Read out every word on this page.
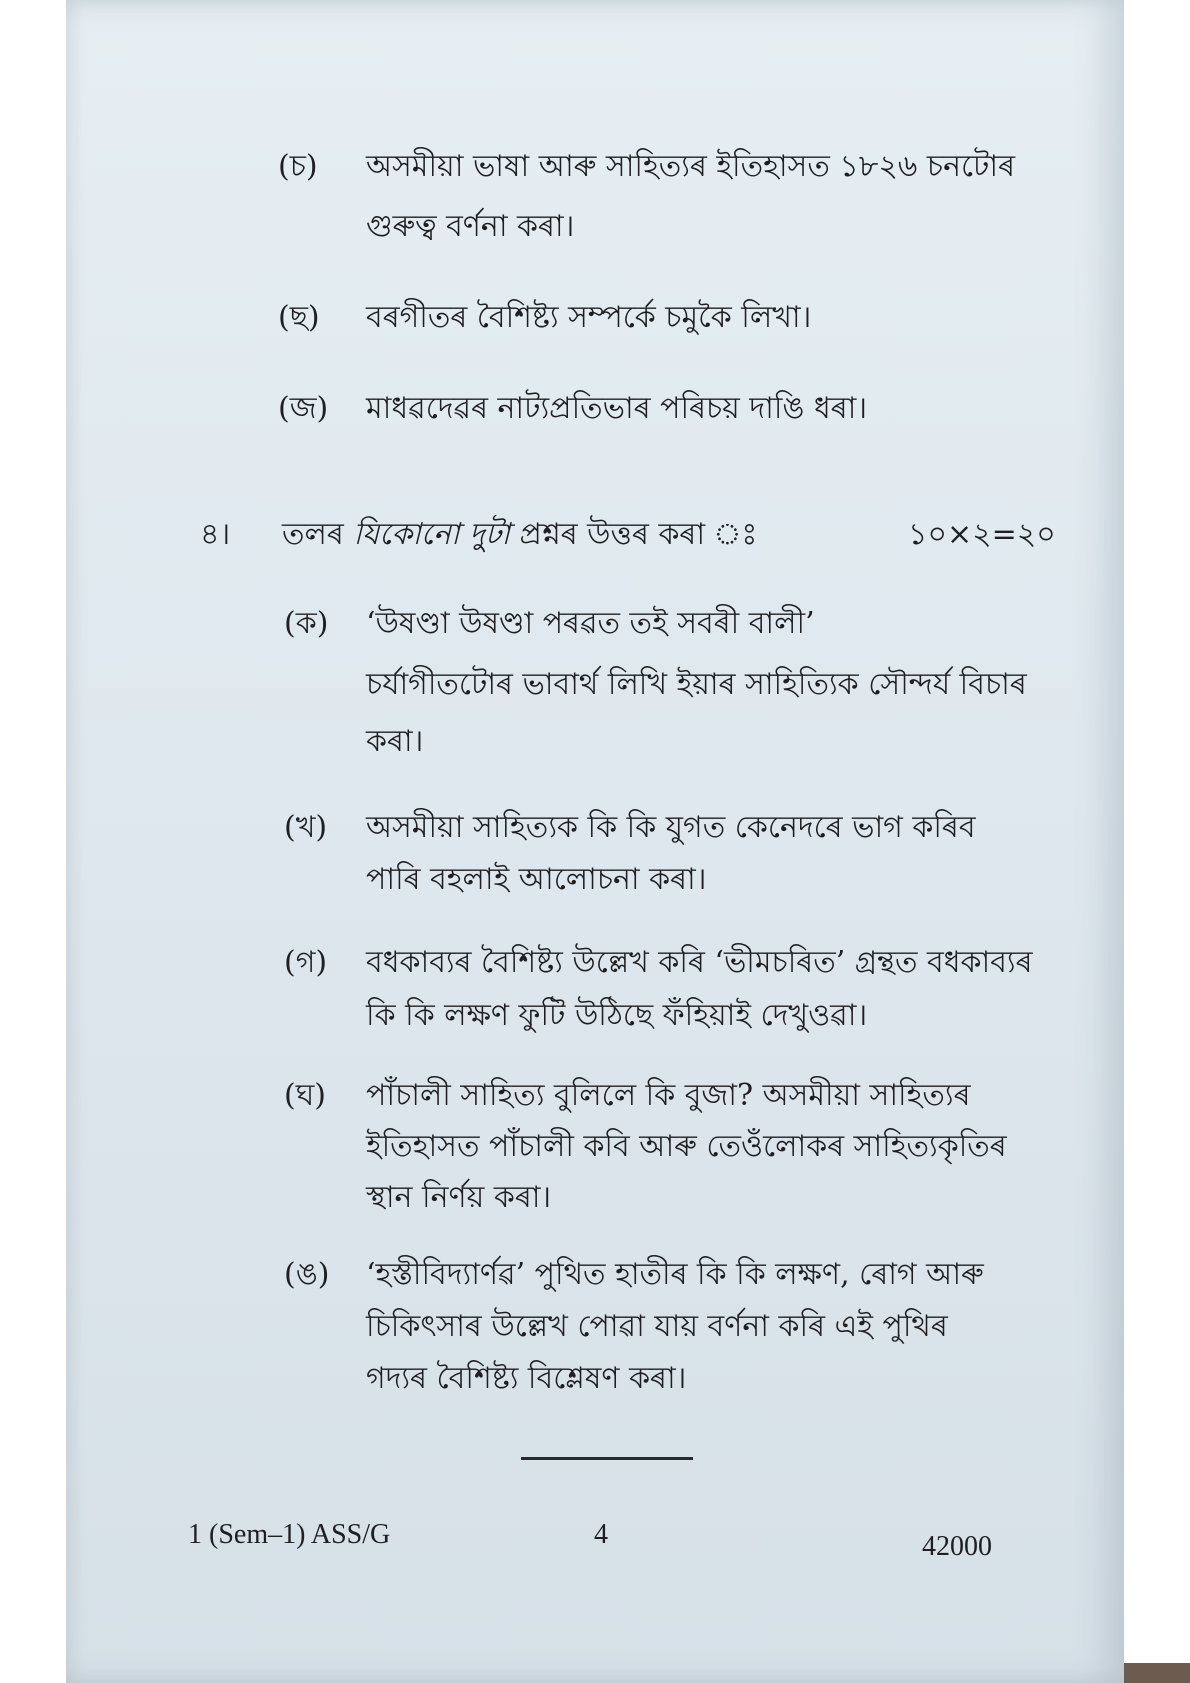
(চ) অসমীয়া ভাষা আৰু সাহিত্যৰ ইতিহাসত ১৮২৬ চনটোৰ
গুৰুত্ব বৰ্ণনা কৰা।
(ছ) বৰগীতৰ বৈশিষ্ট্য সম্পৰ্কে চমুকৈ লিখা।
(জ) মাধৱদেৱৰ নাট্যপ্ৰতিভাৰ পৰিচয় দাঙি ধৰা।
৪। তলৰ যিকোনো দুটা প্ৰশ্নৰ উত্তৰ কৰা ঃ	১০×২=২০
(ক) ‘উষণ্ডা উষণ্ডা পৰৱত তই সবৰী বালী’
চৰ্যাগীতটোৰ ভাবাৰ্থ লিখি ইয়াৰ সাহিত্যিক সৌন্দৰ্য বিচাৰ
কৰা।
(খ) অসমীয়া সাহিত্যক কি কি যুগত কেনেদৰে ভাগ কৰিব
পাৰি বহলাই আলোচনা কৰা।
(গ) বধকাব্যৰ বৈশিষ্ট্য উল্লেখ কৰি ‘ভীমচৰিত’ গ্ৰন্থত বধকাব্যৰ
কি কি লক্ষণ ফুটি উঠিছে ফঁহিয়াই দেখুওৱা।
(ঘ) পাঁচালী সাহিত্য বুলিলে কি বুজা? অসমীয়া সাহিত্যৰ
ইতিহাসত পাঁচালী কবি আৰু তেওঁলোকৰ সাহিত্যকৃতিৰ
স্থান নিৰ্ণয় কৰা।
(ঙ) ‘হস্তীবিদ্যাৰ্ণৱ’ পুথিত হাতীৰ কি কি লক্ষণ, ৰোগ আৰু
চিকিৎসাৰ উল্লেখ পোৱা যায় বৰ্ণনা কৰি এই পুথিৰ
গদ্যৰ বৈশিষ্ট্য বিশ্লেষণ কৰা।
1 (Sem–1) ASS/G	4	42000
